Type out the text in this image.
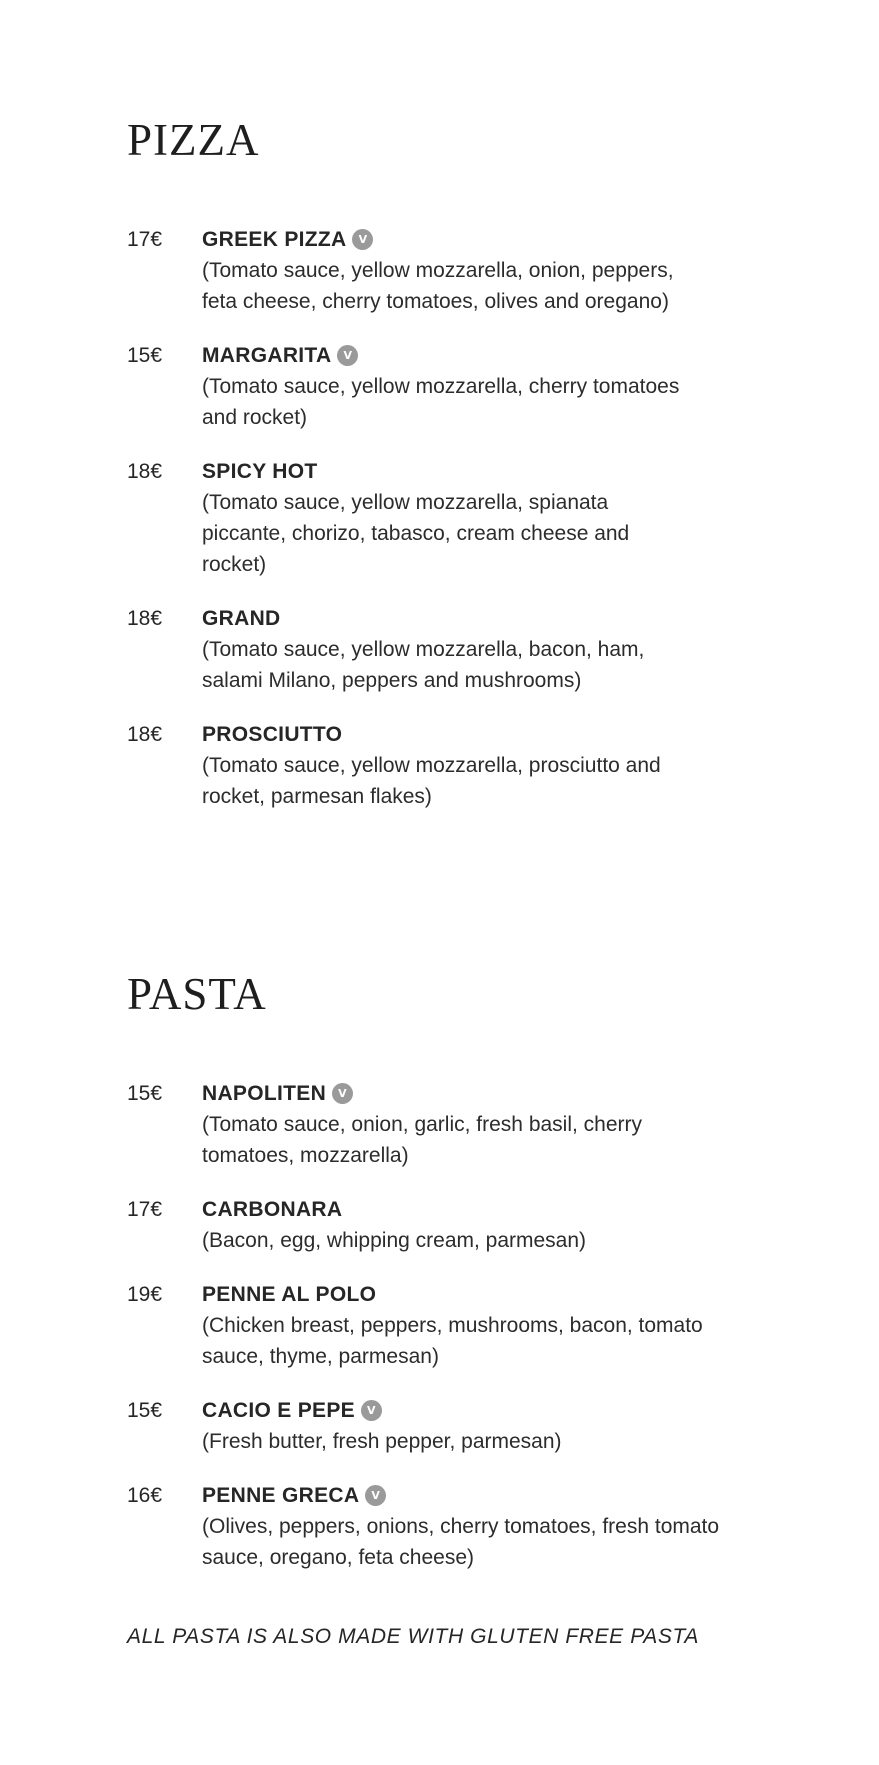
PIZZA
17€	GREEK PIZZA	V
(Tomato sauce, yellow mozzarella, onion, peppers, feta cheese, cherry tomatoes, olives and oregano)
15€	MARGARITA	V
(Tomato sauce, yellow mozzarella, cherry tomatoes and rocket)
18€	SPICY HOT
(Tomato sauce, yellow mozzarella, spianata piccante, chorizo, tabasco, cream cheese and rocket)
18€	GRAND
(Tomato sauce, yellow mozzarella, bacon, ham, salami Milano, peppers and mushrooms)
18€	PROSCIUTTO
(Tomato sauce, yellow mozzarella, prosciutto and rocket, parmesan flakes)
PASTA
15€	NAPOLITEN	V
(Tomato sauce, onion, garlic, fresh basil, cherry tomatoes, mozzarella)
17€	CARBONARA
(Bacon, egg, whipping cream, parmesan)
19€	PENNE AL POLO
(Chicken breast, peppers, mushrooms, bacon, tomato sauce, thyme, parmesan)
15€	CACIO E PEPE	V
(Fresh butter, fresh pepper, parmesan)
16€	PENNE GRECA	V
(Olives, peppers, onions, cherry tomatoes, fresh tomato sauce, oregano, feta cheese)

ALL PASTA IS ALSO MADE WITH GLUTEN FREE PASTA
